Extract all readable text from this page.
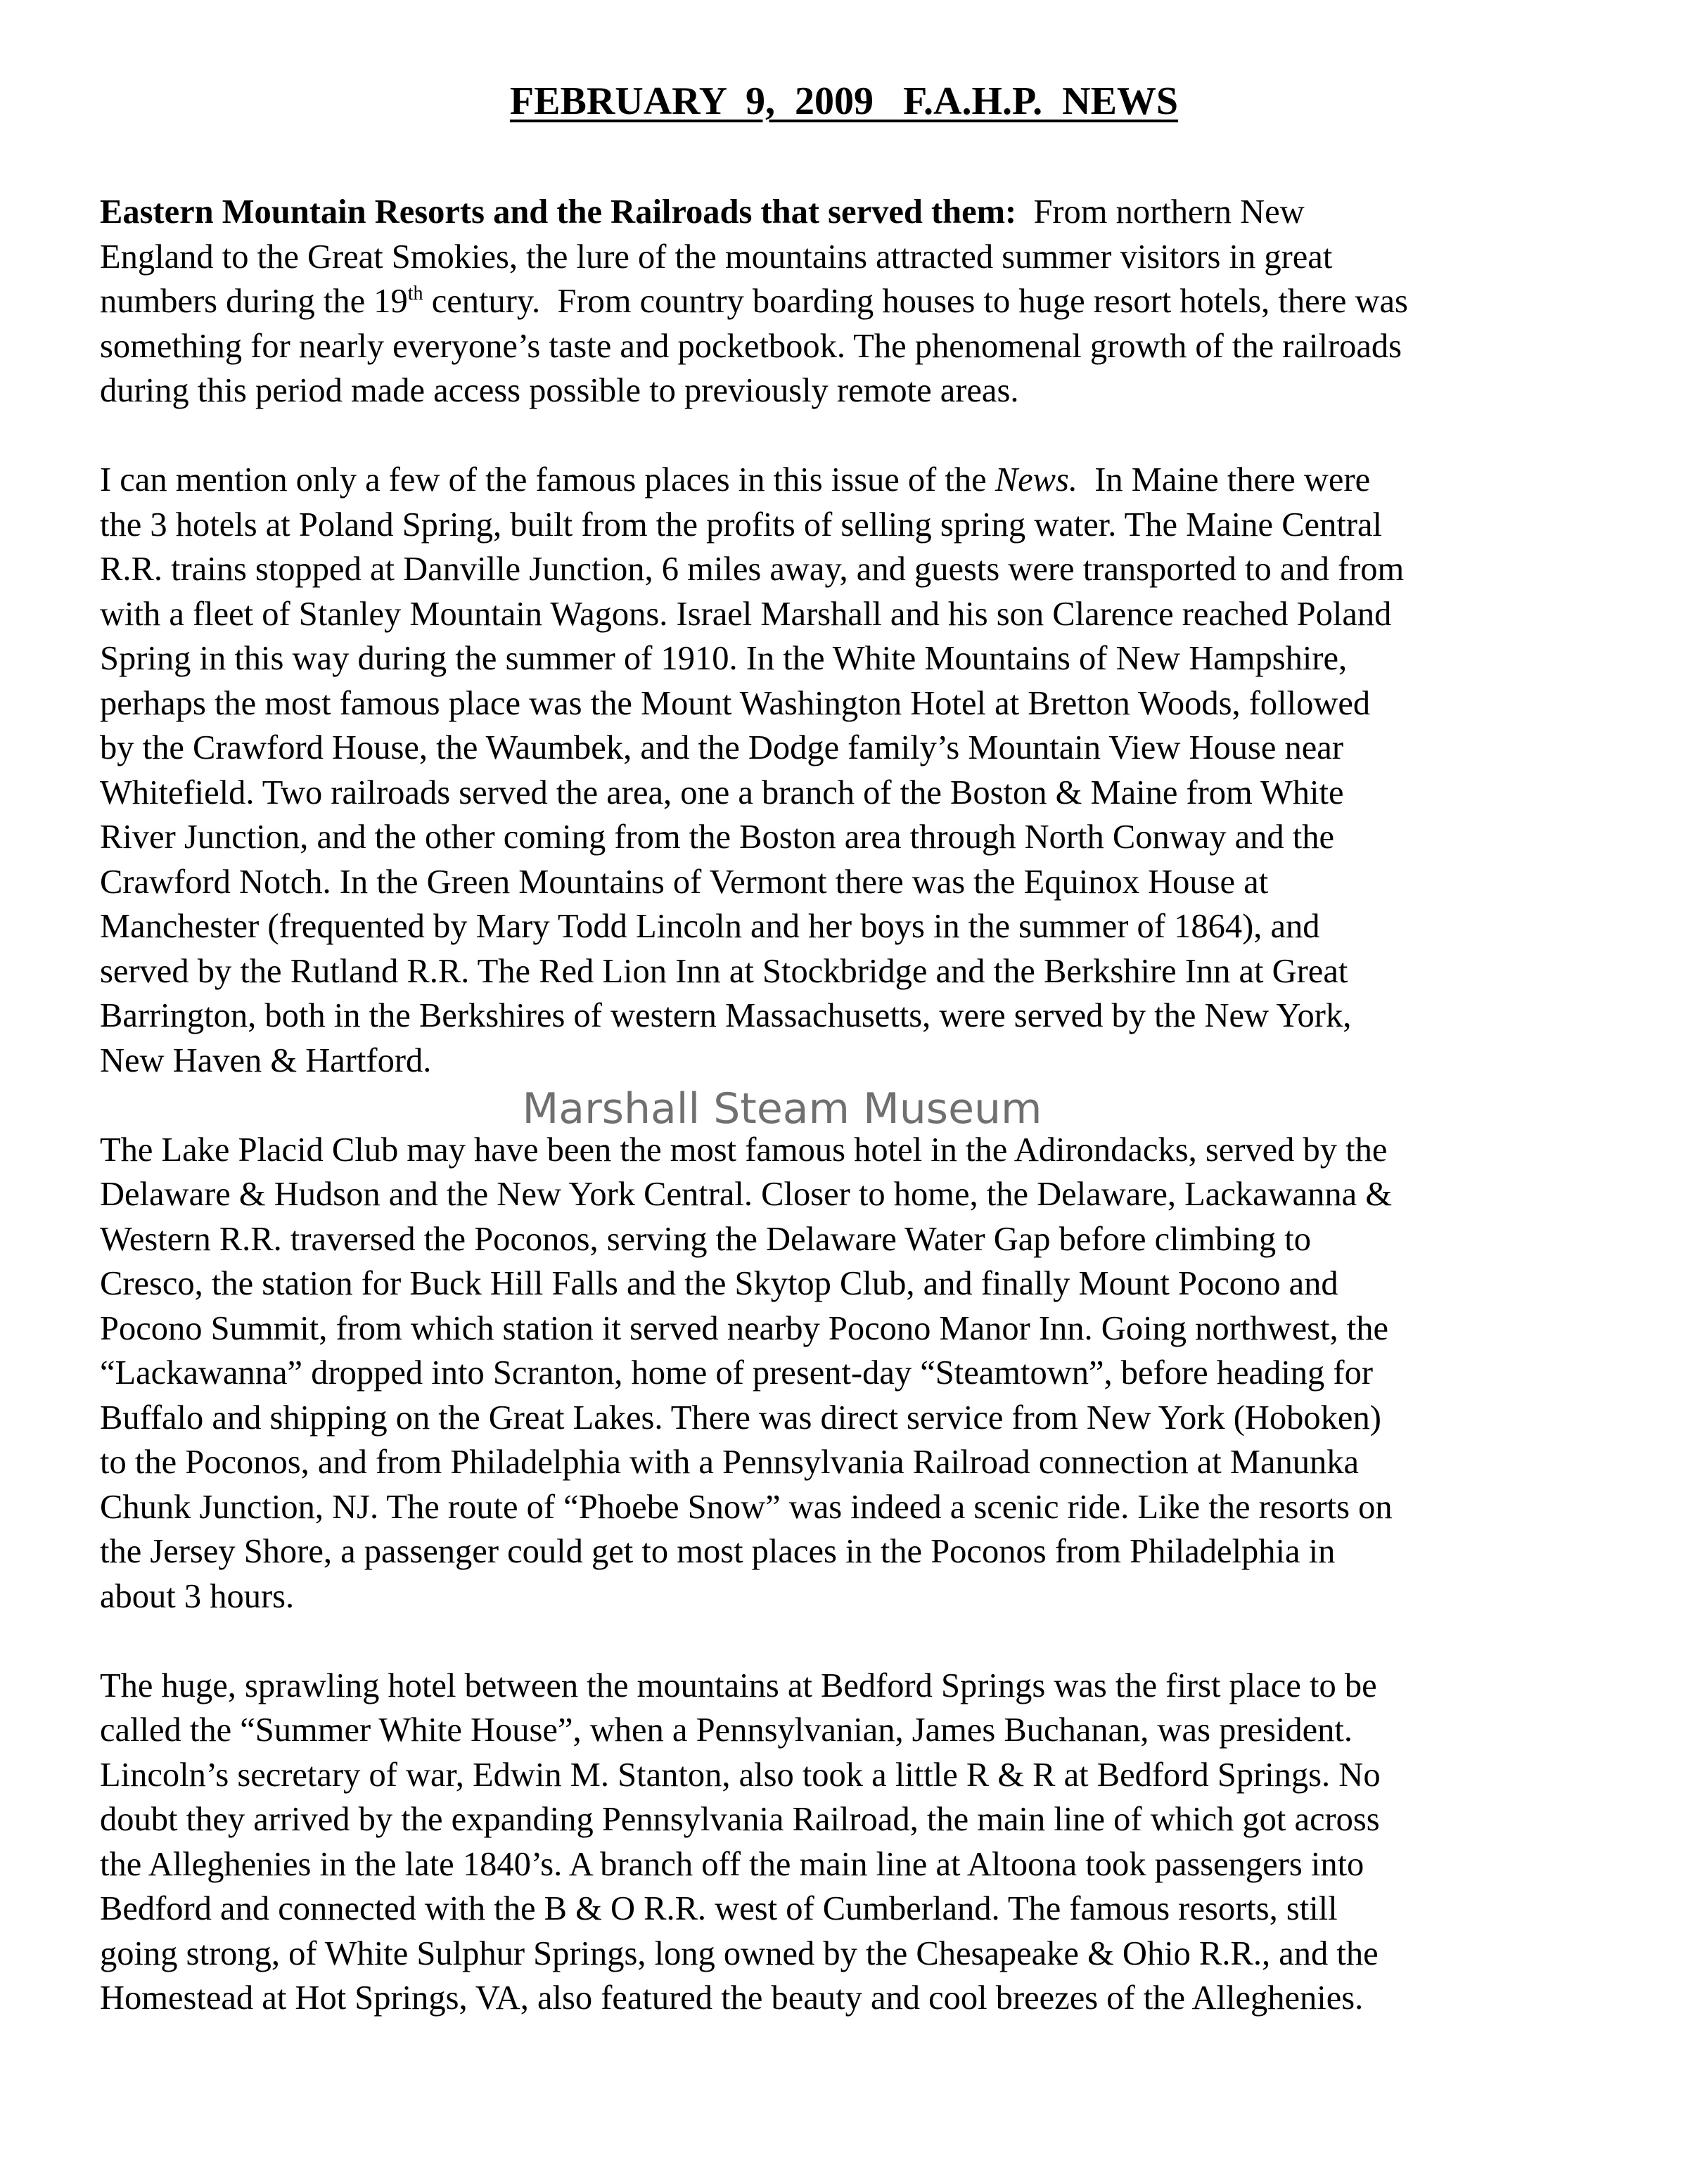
FEBRUARY  9,  2009   F.A.H.P.  NEWS
Eastern Mountain Resorts and the Railroads that served them:  From northern New
England to the Great Smokies, the lure of the mountains attracted summer visitors in great
numbers during the 19th century.  From country boarding houses to huge resort hotels, there was
something for nearly everyone’s taste and pocketbook. The phenomenal growth of the railroads
during this period made access possible to previously remote areas.
I can mention only a few of the famous places in this issue of the News.  In Maine there were
the 3 hotels at Poland Spring, built from the profits of selling spring water. The Maine Central
R.R. trains stopped at Danville Junction, 6 miles away, and guests were transported to and from
with a fleet of Stanley Mountain Wagons. Israel Marshall and his son Clarence reached Poland
Spring in this way during the summer of 1910. In the White Mountains of New Hampshire,
perhaps the most famous place was the Mount Washington Hotel at Bretton Woods, followed
by the Crawford House, the Waumbek, and the Dodge family’s Mountain View House near
Whitefield. Two railroads served the area, one a branch of the Boston & Maine from White
River Junction, and the other coming from the Boston area through North Conway and the
Crawford Notch. In the Green Mountains of Vermont there was the Equinox House at
Manchester (frequented by Mary Todd Lincoln and her boys in the summer of 1864), and
served by the Rutland R.R. The Red Lion Inn at Stockbridge and the Berkshire Inn at Great
Barrington, both in the Berkshires of western Massachusetts, were served by the New York,
New Haven & Hartford.
Marshall Steam Museum
The Lake Placid Club may have been the most famous hotel in the Adirondacks, served by the
Delaware & Hudson and the New York Central. Closer to home, the Delaware, Lackawanna &
Western R.R. traversed the Poconos, serving the Delaware Water Gap before climbing to
Cresco, the station for Buck Hill Falls and the Skytop Club, and finally Mount Pocono and
Pocono Summit, from which station it served nearby Pocono Manor Inn. Going northwest, the
“Lackawanna” dropped into Scranton, home of present-day “Steamtown”, before heading for
Buffalo and shipping on the Great Lakes. There was direct service from New York (Hoboken)
to the Poconos, and from Philadelphia with a Pennsylvania Railroad connection at Manunka
Chunk Junction, NJ. The route of “Phoebe Snow” was indeed a scenic ride. Like the resorts on
the Jersey Shore, a passenger could get to most places in the Poconos from Philadelphia in
about 3 hours.
The huge, sprawling hotel between the mountains at Bedford Springs was the first place to be
called the “Summer White House”, when a Pennsylvanian, James Buchanan, was president.
Lincoln’s secretary of war, Edwin M. Stanton, also took a little R & R at Bedford Springs. No
doubt they arrived by the expanding Pennsylvania Railroad, the main line of which got across
the Alleghenies in the late 1840’s. A branch off the main line at Altoona took passengers into
Bedford and connected with the B & O R.R. west of Cumberland. The famous resorts, still
going strong, of White Sulphur Springs, long owned by the Chesapeake & Ohio R.R., and the
Homestead at Hot Springs, VA, also featured the beauty and cool breezes of the Alleghenies.
